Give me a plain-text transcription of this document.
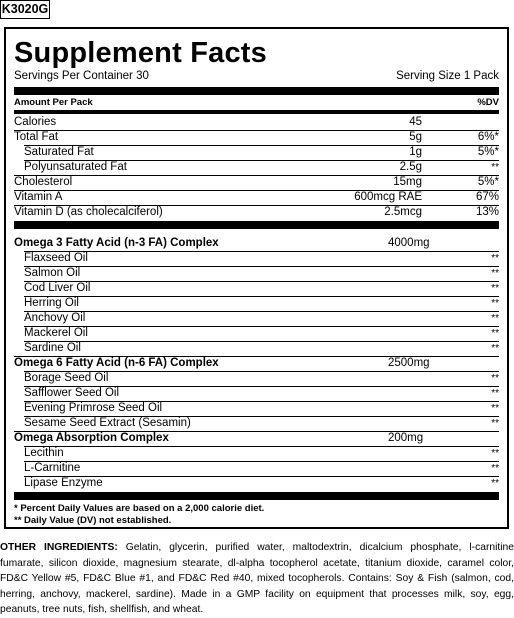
K3020G
Supplement Facts
Servings Per Container 30	Serving Size 1 Pack
Amount Per Pack	%DV
Calories	45
Total Fat	5g	6%*
Saturated Fat	1g	5%*
Polyunsaturated Fat	2.5g	**
Cholesterol	15mg	5%*
Vitamin A	600mcg RAE	67%
Vitamin D (as cholecalciferol)	2.5mcg	13%
Omega 3 Fatty Acid (n-3 FA) Complex	4000mg
Flaxseed Oil	**
Salmon Oil	**
Cod Liver Oil	**
Herring Oil	**
Anchovy Oil	**
Mackerel Oil	**
Sardine Oil	**
Omega 6 Fatty Acid (n-6 FA) Complex	2500mg
Borage Seed Oil	**
Safflower Seed Oil	**
Evening Primrose Seed Oil	**
Sesame Seed Extract (Sesamin)	**
Omega Absorption Complex	200mg
Lecithin	**
L-Carnitine	**
Lipase Enzyme	**
* Percent Daily Values are based on a 2,000 calorie diet.
** Daily Value (DV) not established.
OTHER INGREDIENTS: Gelatin, glycerin, purified water, maltodextrin, dicalcium phosphate, l-carnitine fumarate, silicon dioxide, magnesium stearate, dl-alpha tocopherol acetate, titanium dioxide, caramel color, FD&C Yellow #5, FD&C Blue #1, and FD&C Red #40, mixed tocopherols. Contains: Soy & Fish (salmon, cod, herring, anchovy, mackerel, sardine). Made in a GMP facility on equipment that processes milk, soy, egg, peanuts, tree nuts, fish, shellfish, and wheat.
